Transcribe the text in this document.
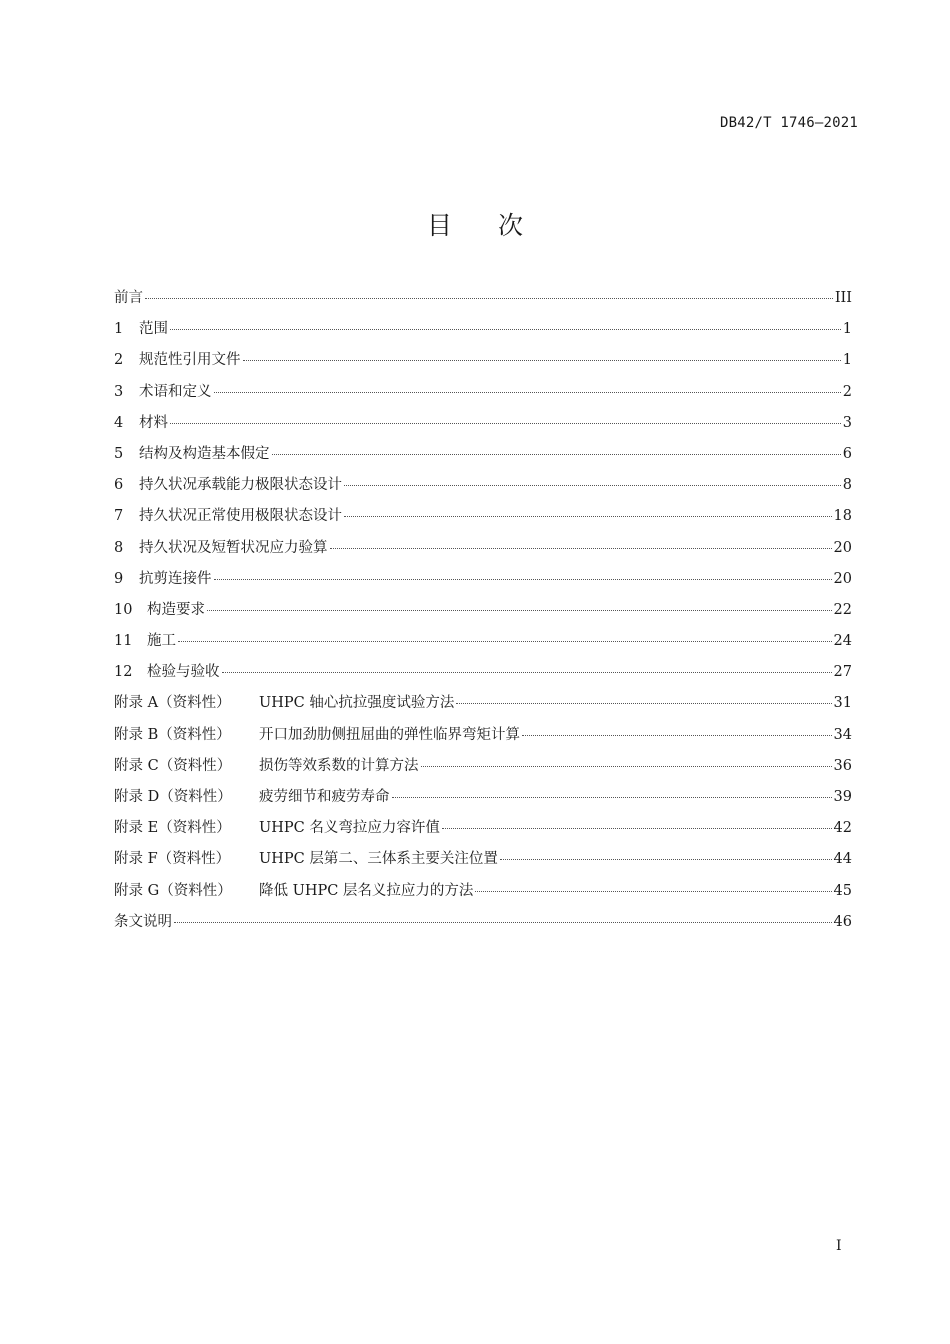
DB42/T 1746—2021
目 次
前言	III
1	范围	1
2	规范性引用文件	1
3	术语和定义	2
4	材料	3
5	结构及构造基本假定	6
6	持久状况承载能力极限状态设计	8
7	持久状况正常使用极限状态设计	18
8	持久状况及短暂状况应力验算	20
9	抗剪连接件	20
10	构造要求	22
11	施工	24
12	检验与验收	27
附录 A（资料性）	UHPC 轴心抗拉强度试验方法	31
附录 B（资料性）	开口加劲肋侧扭屈曲的弹性临界弯矩计算	34
附录 C（资料性）	损伤等效系数的计算方法	36
附录 D（资料性）	疲劳细节和疲劳寿命	39
附录 E（资料性）	UHPC 名义弯拉应力容许值	42
附录 F（资料性）	UHPC 层第二、三体系主要关注位置	44
附录 G（资料性）	降低 UHPC 层名义拉应力的方法	45
条文说明	46
I
